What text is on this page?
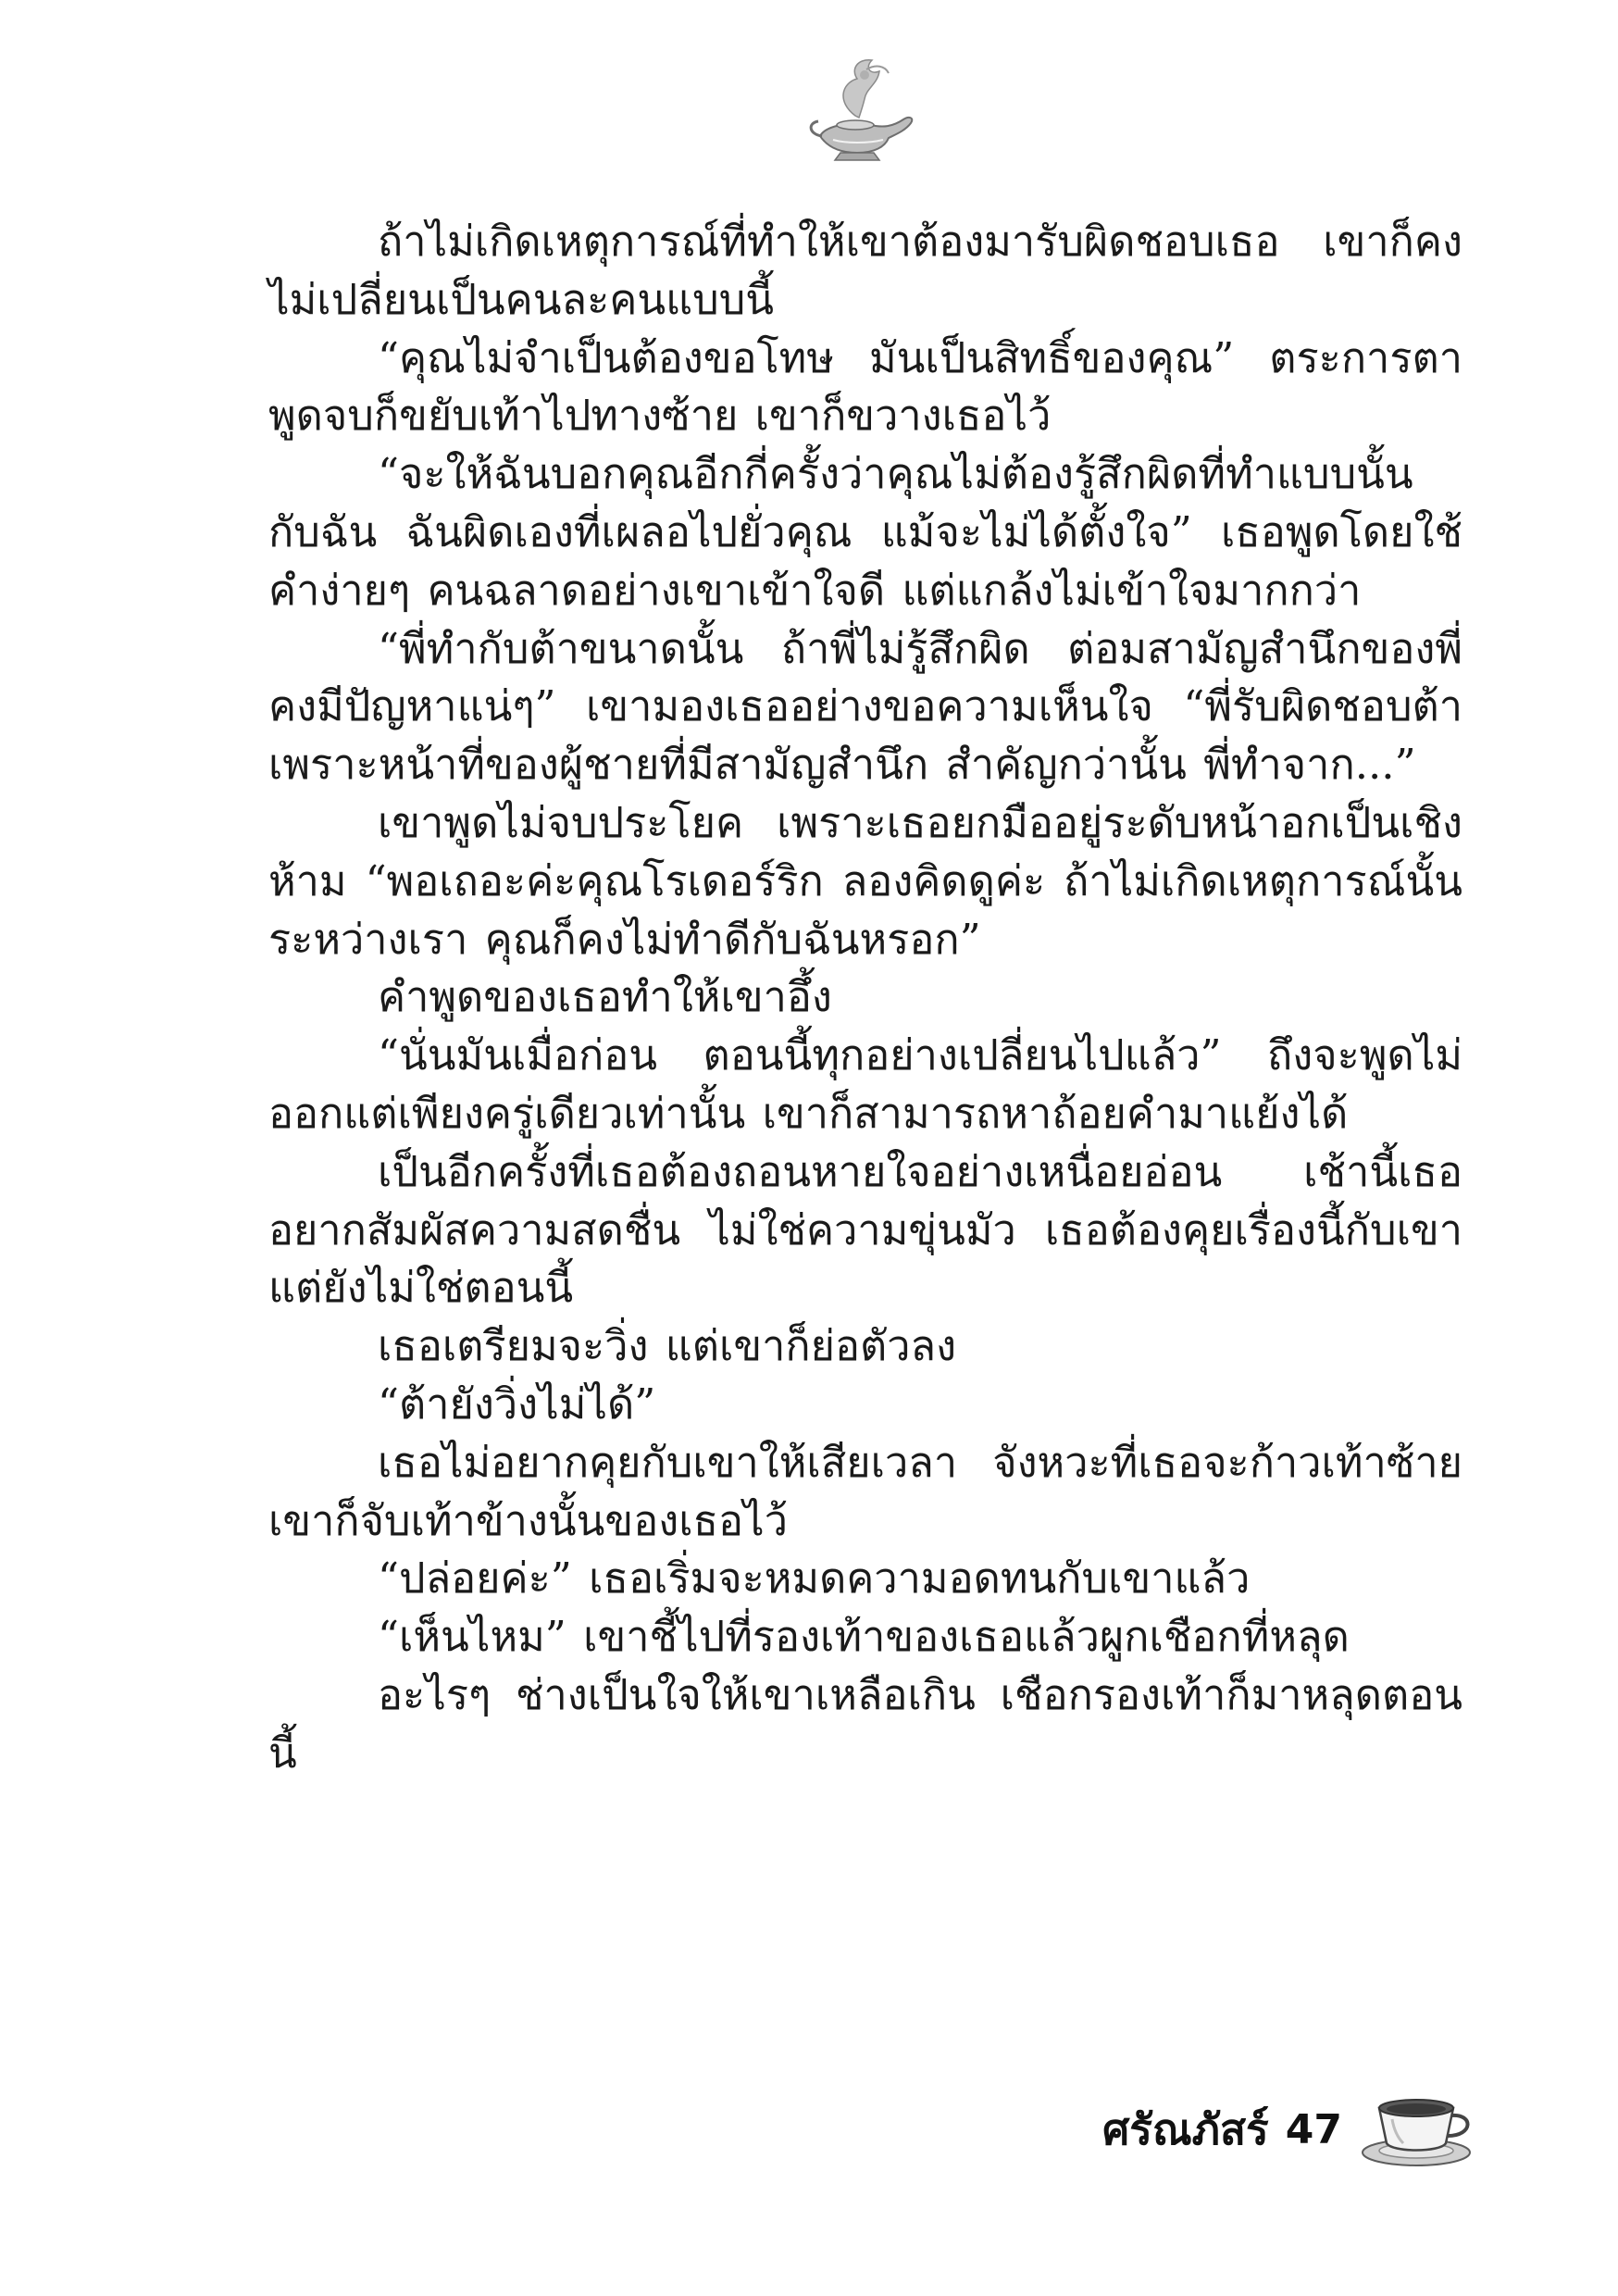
ถ้าไม่เกิดเหตุการณ์ที่ทำให้เขาต้องมารับผิดชอบเธอ เขาก็คงไม่เปลี่ยนเป็นคนละคนแบบนี้

“คุณไม่จำเป็นต้องขอโทษ มันเป็นสิทธิ์ของคุณ” ตระการตาพูดจบก็ขยับเท้าไปทางซ้าย เขาก็ขวางเธอไว้

“จะให้ฉันบอกคุณอีกกี่ครั้งว่าคุณไม่ต้องรู้สึกผิดที่ทำแบบนั้นกับฉัน ฉันผิดเองที่เผลอไปยั่วคุณ แม้จะไม่ได้ตั้งใจ” เธอพูดโดยใช้คำง่ายๆ คนฉลาดอย่างเขาเข้าใจดี แต่แกล้งไม่เข้าใจมากกว่า

“พี่ทำกับต้าขนาดนั้น ถ้าพี่ไม่รู้สึกผิด ต่อมสามัญสำนึกของพี่คงมีปัญหาแน่ๆ” เขามองเธออย่างขอความเห็นใจ “พี่รับผิดชอบต้า เพราะหน้าที่ของผู้ชายที่มีสามัญสำนึก สำคัญกว่านั้น พี่ทำจาก...”

เขาพูดไม่จบประโยค เพราะเธอยกมืออยู่ระดับหน้าอกเป็นเชิงห้าม “พอเถอะค่ะคุณโรเดอร์ริก ลองคิดดูค่ะ ถ้าไม่เกิดเหตุการณ์นั้นระหว่างเรา คุณก็คงไม่ทำดีกับฉันหรอก”

คำพูดของเธอทำให้เขาอึ้ง

“นั่นมันเมื่อก่อน ตอนนี้ทุกอย่างเปลี่ยนไปแล้ว” ถึงจะพูดไม่ออกแต่เพียงครู่เดียวเท่านั้น เขาก็สามารถหาถ้อยคำมาแย้งได้

เป็นอีกครั้งที่เธอต้องถอนหายใจอย่างเหนื่อยอ่อน เช้านี้เธออยากสัมผัสความสดชื่น ไม่ใช่ความขุ่นมัว เธอต้องคุยเรื่องนี้กับเขาแต่ยังไม่ใช่ตอนนี้

เธอเตรียมจะวิ่ง แต่เขาก็ย่อตัวลง

“ต้ายังวิ่งไม่ได้”

เธอไม่อยากคุยกับเขาให้เสียเวลา จังหวะที่เธอจะก้าวเท้าซ้ายเขาก็จับเท้าข้างนั้นของเธอไว้

“ปล่อยค่ะ” เธอเริ่มจะหมดความอดทนกับเขาแล้ว

“เห็นไหม” เขาชี้ไปที่รองเท้าของเธอแล้วผูกเชือกที่หลุด

อะไรๆ ช่างเป็นใจให้เขาเหลือเกิน เชือกรองเท้าก็มาหลุดตอนนี้

ศรัณภัสร์ 47
